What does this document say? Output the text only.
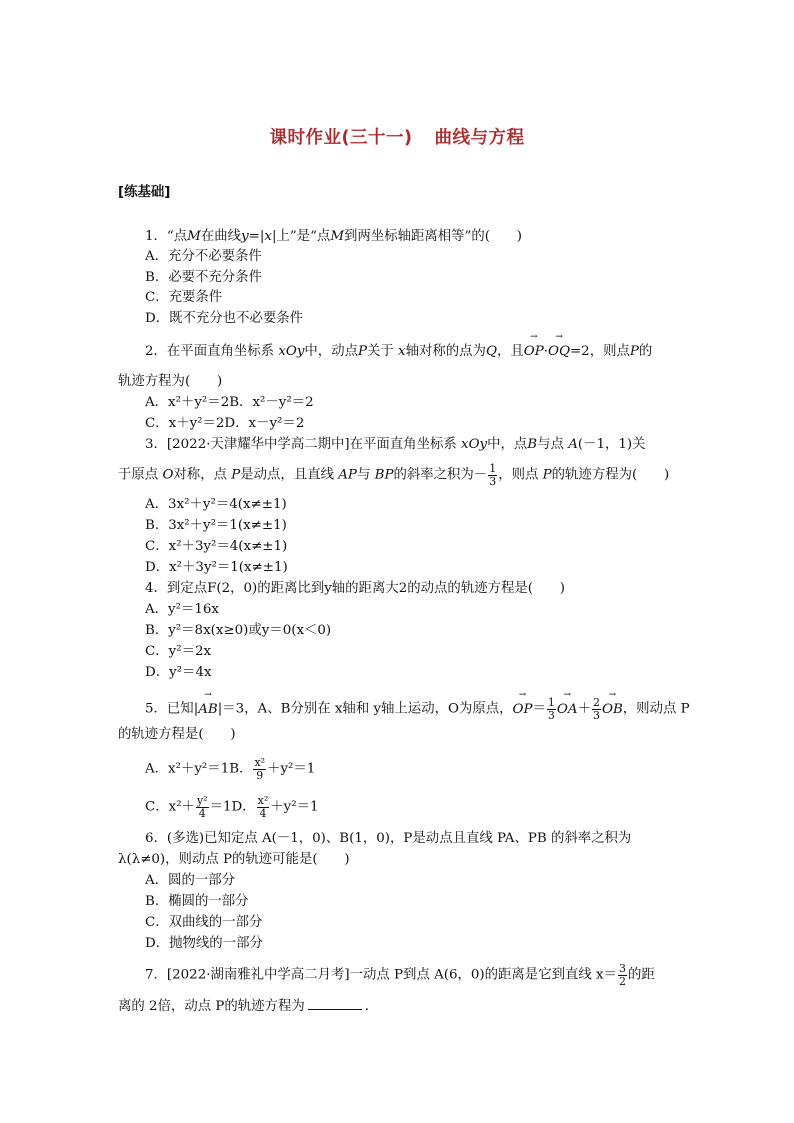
课时作业(三十一) 曲线与方程
[练基础]
1．“点M在曲线y=|x|上”是“点M到两坐标轴距离相等”的(　　)
A．充分不必要条件
B．必要不充分条件
C．充要条件
D．既不充分也不必要条件
2．在平面直角坐标系 xOy中，动点P关于 x轴对称的点为Q，且→ OP·→ OQ=2，则点P的
轨迹方程为(　　)
A．x²＋y²＝2B．x²－y²＝2
C．x＋y²＝2D．x－y²＝2
3．[2022·天津耀华中学高二期中]在平面直角坐标系 xOy中，点B与点 A(－1，1)关
于原点 O对称，点 P是动点，且直线 AP与 BP的斜率之积为－ $\frac{1}{3}$ ，则点 P的轨迹方程为(　　)
A．3x²＋y²＝4(x≠±1)
B．3x²＋y²＝1(x≠±1)
C．x²＋3y²＝4(x≠±1)
D．x²＋3y²＝1(x≠±1)
4．到定点F(2，0)的距离比到y轴的距离大2的动点的轨迹方程是(　　)
A．y²＝16x
B．y²＝8x(x≥0)或y＝0(x＜0)
C．y²＝2x
D．y²＝4x
5．已知|→ AB|＝3，A、B分别在 x轴和 y轴上运动，O为原点，→ $OP= \frac{1}{3}$
→ $OA+ \frac{2}{3}$
→ OB，则动点 P
的轨迹方程是(　　)
A．x²＋y²＝1B． $\frac{\text{x²}}{9} +y^2=1$
C．$x^2+ \frac{\text{y²}}{4} =1D$． $\frac{\text{x²}}{4} +y^2=1$
6．(多选)已知定点 A(－1，0)、B(1，0)，P是动点且直线 PA、PB 的斜率之积为
λ(λ≠0)，则动点 P的轨迹可能是(　　)
A．圆的一部分
B．椭圆的一部分
C．双曲线的一部分
D．抛物线的一部分
7．[2022·湖南雅礼中学高二月考]一动点 P到点 A(6，0)的距离是它到直线 $x= \frac{3}{2}$ 的距
离的 2倍，动点 P的轨迹方程为	．
